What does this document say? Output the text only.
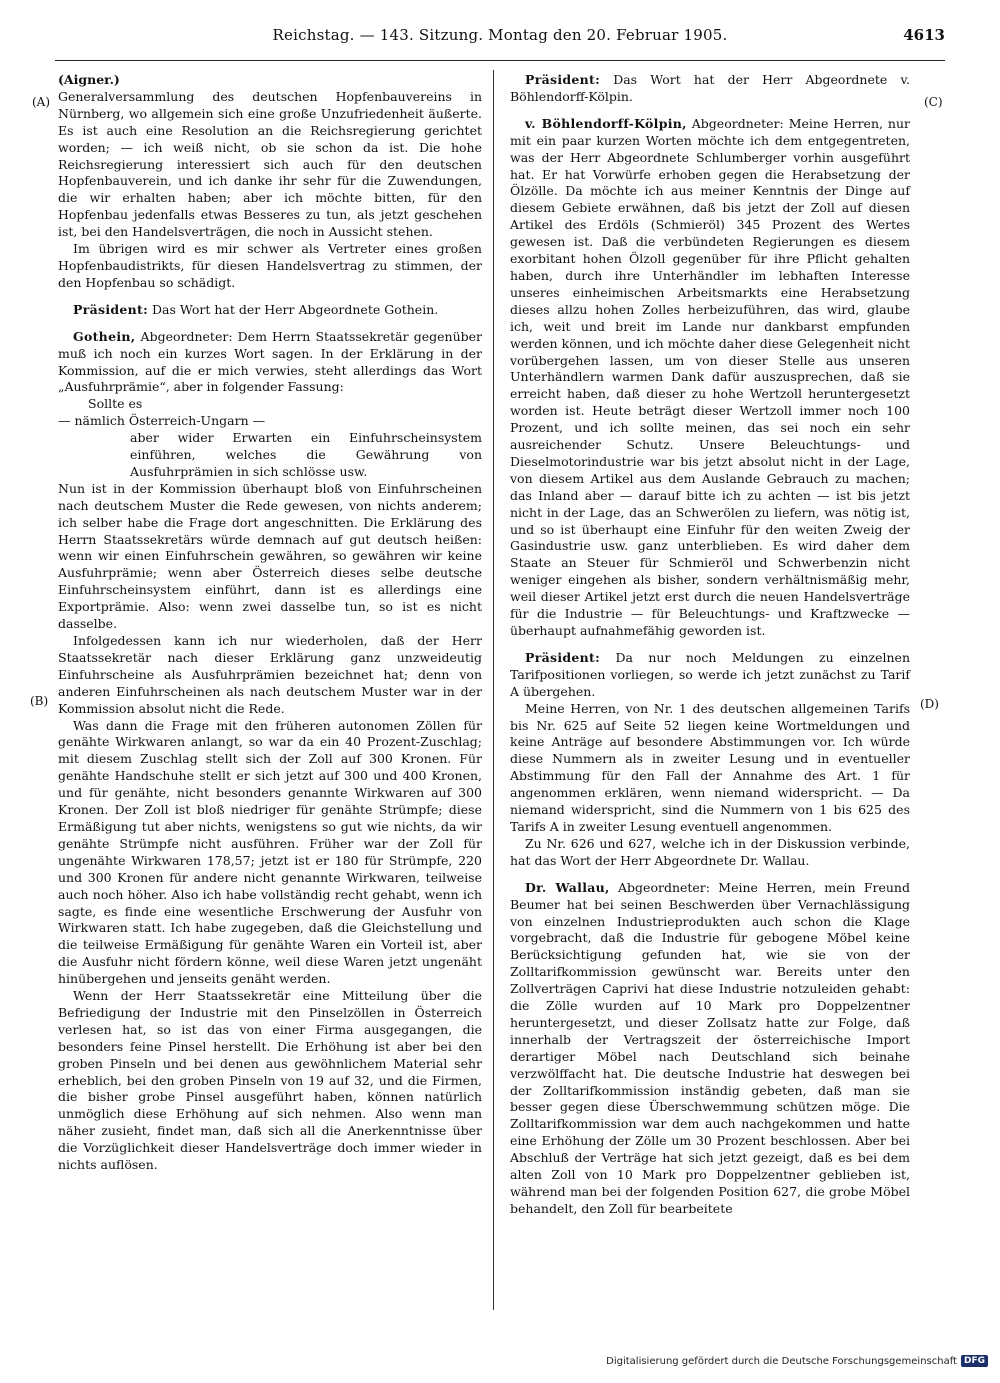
Reichstag. — 143. Sitzung. Montag den 20. Februar 1905.	4613
(A)
(B)
(C)
(D)

(Aigner.)

Generalversammlung des deutschen Hopfenbauvereins in Nürnberg, wo allgemein sich eine große Unzufriedenheit äußerte. Es ist auch eine Resolution an die Reichsregierung gerichtet worden; — ich weiß nicht, ob sie schon da ist. Die hohe Reichsregierung interessiert sich auch für den deutschen Hopfenbauverein, und ich danke ihr sehr für die Zuwendungen, die wir erhalten haben; aber ich möchte bitten, für den Hopfenbau jedenfalls etwas Besseres zu tun, als jetzt geschehen ist, bei den Handelsverträgen, die noch in Aussicht stehen.

Im übrigen wird es mir schwer als Vertreter eines großen Hopfenbaudistrikts, für diesen Handelsvertrag zu stimmen, der den Hopfenbau so schädigt.

Präsident: Das Wort hat der Herr Abgeordnete Gothein.

Gothein, Abgeordneter: Dem Herrn Staatssekretär gegenüber muß ich noch ein kurzes Wort sagen. In der Erklärung in der Kommission, auf die er mich verwies, steht allerdings das Wort „Ausfuhrprämie“, aber in folgender Fassung:

Sollte es

— nämlich Österreich-Ungarn —

aber wider Erwarten ein Einfuhrscheinsystem einführen, welches die Gewährung von Ausfuhrprämien in sich schlösse usw.

Nun ist in der Kommission überhaupt bloß von Einfuhrscheinen nach deutschem Muster die Rede gewesen, von nichts anderem; ich selber habe die Frage dort angeschnitten. Die Erklärung des Herrn Staatssekretärs würde demnach auf gut deutsch heißen: wenn wir einen Einfuhrschein gewähren, so gewähren wir keine Ausfuhrprämie; wenn aber Österreich dieses selbe deutsche Einfuhrscheinsystem einführt, dann ist es allerdings eine Exportprämie. Also: wenn zwei dasselbe tun, so ist es nicht dasselbe.

Infolgedessen kann ich nur wiederholen, daß der Herr Staatssekretär nach dieser Erklärung ganz unzweideutig Einfuhrscheine als Ausfuhrprämien bezeichnet hat; denn von anderen Einfuhrscheinen als nach deutschem Muster war in der Kommission absolut nicht die Rede.

Was dann die Frage mit den früheren autonomen Zöllen für genähte Wirkwaren anlangt, so war da ein 40 Prozent-Zuschlag; mit diesem Zuschlag stellt sich der Zoll auf 300 Kronen. Für genähte Handschuhe stellt er sich jetzt auf 300 und 400 Kronen, und für genähte, nicht besonders genannte Wirkwaren auf 300 Kronen. Der Zoll ist bloß niedriger für genähte Strümpfe; diese Ermäßigung tut aber nichts, wenigstens so gut wie nichts, da wir genähte Strümpfe nicht ausführen. Früher war der Zoll für ungenähte Wirkwaren 178,57; jetzt ist er 180 für Strümpfe, 220 und 300 Kronen für andere nicht genannte Wirkwaren, teilweise auch noch höher. Also ich habe vollständig recht gehabt, wenn ich sagte, es finde eine wesentliche Erschwerung der Ausfuhr von Wirkwaren statt. Ich habe zugegeben, daß die Gleichstellung und die teilweise Ermäßigung für genähte Waren ein Vorteil ist, aber die Ausfuhr nicht fördern könne, weil diese Waren jetzt ungenäht hinübergehen und jenseits genäht werden.

Wenn der Herr Staatssekretär eine Mitteilung über die Befriedigung der Industrie mit den Pinselzöllen in Österreich verlesen hat, so ist das von einer Firma ausgegangen, die besonders feine Pinsel herstellt. Die Erhöhung ist aber bei den groben Pinseln und bei denen aus gewöhnlichem Material sehr erheblich, bei den groben Pinseln von 19 auf 32, und die Firmen, die bisher grobe Pinsel ausgeführt haben, können natürlich unmöglich diese Erhöhung auf sich nehmen. Also wenn man näher zusieht, findet man, daß sich all die Anerkenntnisse über die Vorzüglichkeit dieser Handelsverträge doch immer wieder in nichts auflösen.

Präsident: Das Wort hat der Herr Abgeordnete v. Böhlendorff-Kölpin.

v. Böhlendorff-Kölpin, Abgeordneter: Meine Herren, nur mit ein paar kurzen Worten möchte ich dem entgegentreten, was der Herr Abgeordnete Schlumberger vorhin ausgeführt hat. Er hat Vorwürfe erhoben gegen die Herabsetzung der Ölzölle. Da möchte ich aus meiner Kenntnis der Dinge auf diesem Gebiete erwähnen, daß bis jetzt der Zoll auf diesen Artikel des Erdöls (Schmieröl) 345 Prozent des Wertes gewesen ist. Daß die verbündeten Regierungen es diesem exorbitant hohen Ölzoll gegenüber für ihre Pflicht gehalten haben, durch ihre Unterhändler im lebhaften Interesse unseres einheimischen Arbeitsmarkts eine Herabsetzung dieses allzu hohen Zolles herbeizuführen, das wird, glaube ich, weit und breit im Lande nur dankbarst empfunden werden können, und ich möchte daher diese Gelegenheit nicht vorübergehen lassen, um von dieser Stelle aus unseren Unterhändlern warmen Dank dafür auszusprechen, daß sie erreicht haben, daß dieser zu hohe Wertzoll heruntergesetzt worden ist. Heute beträgt dieser Wertzoll immer noch 100 Prozent, und ich sollte meinen, das sei noch ein sehr ausreichender Schutz. Unsere Beleuchtungs- und Dieselmotorindustrie war bis jetzt absolut nicht in der Lage, von diesem Artikel aus dem Auslande Gebrauch zu machen; das Inland aber — darauf bitte ich zu achten — ist bis jetzt nicht in der Lage, das an Schwerölen zu liefern, was nötig ist, und so ist überhaupt eine Einfuhr für den weiten Zweig der Gasindustrie usw. ganz unterblieben. Es wird daher dem Staate an Steuer für Schmieröl und Schwerbenzin nicht weniger eingehen als bisher, sondern verhältnismäßig mehr, weil dieser Artikel jetzt erst durch die neuen Handelsverträge für die Industrie — für Beleuchtungs- und Kraftzwecke — überhaupt aufnahmefähig geworden ist.

Präsident: Da nur noch Meldungen zu einzelnen Tarifpositionen vorliegen, so werde ich jetzt zunächst zu Tarif A übergehen.

Meine Herren, von Nr. 1 des deutschen allgemeinen Tarifs bis Nr. 625 auf Seite 52 liegen keine Wortmeldungen und keine Anträge auf besondere Abstimmungen vor. Ich würde diese Nummern als in zweiter Lesung und in eventueller Abstimmung für den Fall der Annahme des Art. 1 für angenommen erklären, wenn niemand widerspricht. — Da niemand widerspricht, sind die Nummern von 1 bis 625 des Tarifs A in zweiter Lesung eventuell angenommen.

Zu Nr. 626 und 627, welche ich in der Diskussion verbinde, hat das Wort der Herr Abgeordnete Dr. Wallau.

Dr. Wallau, Abgeordneter: Meine Herren, mein Freund Beumer hat bei seinen Beschwerden über Vernachlässigung von einzelnen Industrieprodukten auch schon die Klage vorgebracht, daß die Industrie für gebogene Möbel keine Berücksichtigung gefunden hat, wie sie von der Zolltarifkommission gewünscht war. Bereits unter den Zollverträgen Caprivi hat diese Industrie notzuleiden gehabt: die Zölle wurden auf 10 Mark pro Doppelzentner heruntergesetzt, und dieser Zollsatz hatte zur Folge, daß innerhalb der Vertragszeit der österreichische Import derartiger Möbel nach Deutschland sich beinahe verzwölffacht hat. Die deutsche Industrie hat deswegen bei der Zolltarifkommission inständig gebeten, daß man sie besser gegen diese Überschwemmung schützen möge. Die Zolltarifkommission war dem auch nachgekommen und hatte eine Erhöhung der Zölle um 30 Prozent beschlossen. Aber bei Abschluß der Verträge hat sich jetzt gezeigt, daß es bei dem alten Zoll von 10 Mark pro Doppelzentner geblieben ist, während man bei der folgenden Position 627, die grobe Möbel behandelt, den Zoll für bearbeitete

Digitalisierung gefördert durch die Deutsche Forschungsgemeinschaft DFG
